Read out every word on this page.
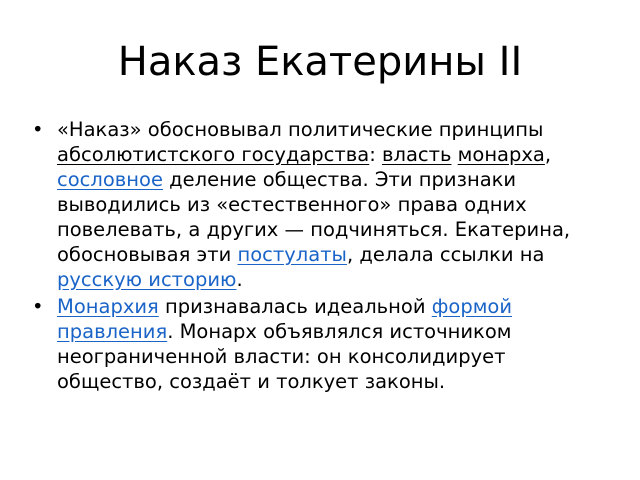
Наказ Екатерины II
• «Наказ» обосновывал политические принципы абсолютистского государства: власть монарха, сословное деление общества. Эти признаки выводились из «естественного» права одних повелевать, а других — подчиняться. Екатерина, обосновывая эти постулаты, делала ссылки на русскую историю.
• Монархия признавалась идеальной формой правления. Монарх объявлялся источником неограниченной власти: он консолидирует общество, создаёт и толкует законы.
